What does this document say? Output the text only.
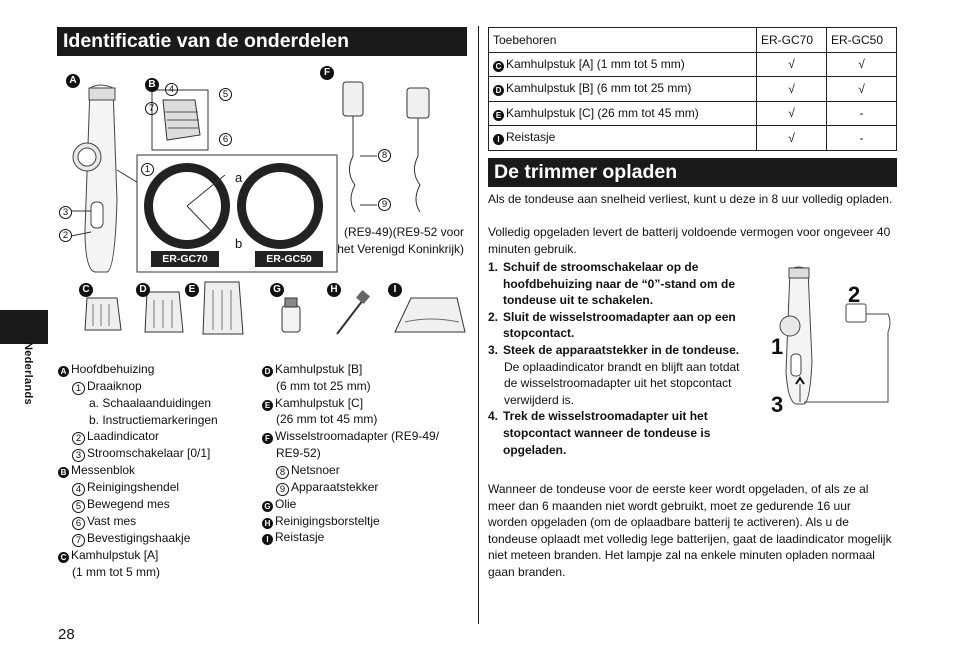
Nederlands
28
Identificatie van de onderdelen
A	B
F
C	D	E	G	H	I
1
2
3
4	5
6
7
8
9
a
b
ER-GC70	ER-GC50
(RE9-49)(RE9-52 voor het Verenigd Koninkrijk)
A Hoofdbehuizing
1 Draaiknop
a. Schaalaanduidingen
b. Instructiemarkeringen
2 Laadindicator
3 Stroomschakelaar [0/1]
B Messenblok
4 Reinigingshendel
5 Bewegend mes
6 Vast mes
7 Bevestigingshaakje
C Kamhulpstuk [A]
(1 mm tot 5 mm)
D Kamhulpstuk [B]
(6 mm tot 25 mm)
E Kamhulpstuk [C]
(26 mm tot 45 mm)
F Wisselstroomadapter (RE9-49/
RE9-52)
8 Netsnoer
9 Apparaatstekker
G Olie
H Reinigingsborsteltje
I Reistasje
Toebehoren	ER-GC70	ER-GC50
C Kamhulpstuk [A] (1 mm tot 5 mm)	√	√
D Kamhulpstuk [B] (6 mm tot 25 mm)	√	√
E Kamhulpstuk [C] (26 mm tot 45 mm)	√	-
I Reistasje	√	-
De trimmer opladen
Als de tondeuse aan snelheid verliest, kunt u deze in 8 uur volledig opladen.
Volledig opgeladen levert de batterij voldoende vermogen voor ongeveer 40 minuten gebruik.
1. Schuif de stroomschakelaar op de hoofdbehuizing naar de “0”-stand om de tondeuse uit te schakelen.
2. Sluit de wisselstroomadapter aan op een stopcontact.
3. Steek de apparaatstekker in de tondeuse.
De oplaadindicator brandt en blijft aan totdat de wisselstroomadapter uit het stopcontact verwijderd is.
4. Trek de wisselstroomadapter uit het stopcontact wanneer de tondeuse is opgeladen.
2
1
3
Wanneer de tondeuse voor de eerste keer wordt opgeladen, of als ze al meer dan 6 maanden niet wordt gebruikt, moet ze gedurende 16 uur worden opgeladen (om de oplaadbare batterij te activeren). Als u de tondeuse oplaadt met volledig lege batterijen, gaat de laadindicator mogelijk niet meteen branden. Het lampje zal na enkele minuten opladen normaal gaan branden.
